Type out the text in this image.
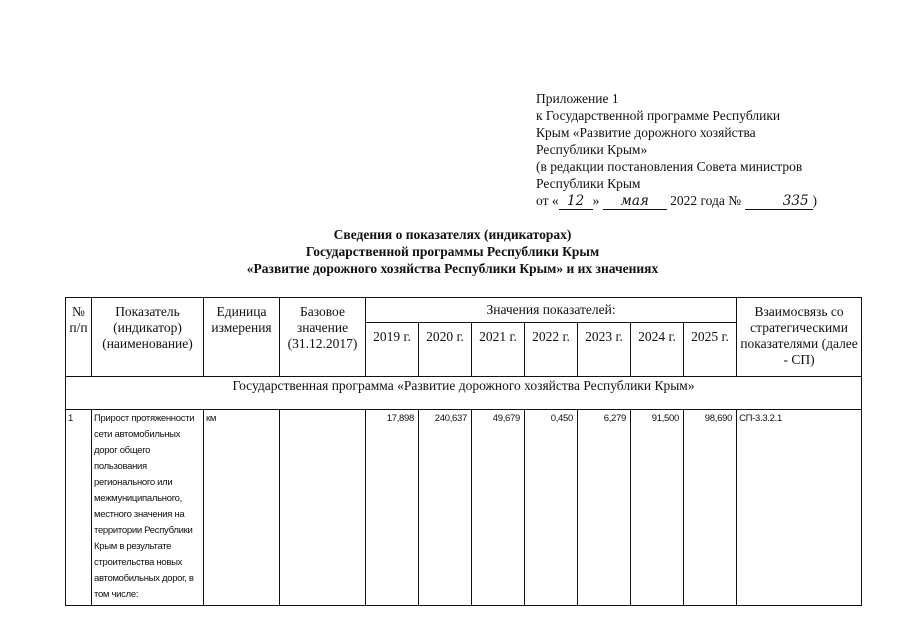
Приложение 1
к Государственной программе Республики
Крым «Развитие дорожного хозяйства
Республики Крым»
(в редакции постановления Совета министров
Республики Крым
от « 12 » мая 2022 года №	335 )
Сведения о показателях (индикаторах)
Государственной программы Республики Крым
«Развитие дорожного хозяйства Республики Крым» и их значениях
№ п/п	Показатель (индикатор) (наименование)	Единица измерения	Базовое значение (31.12.2017)	Значения показателей:							Взаимосвязь со стратегическими показателями (далее - СП)
				2019 г.	2020 г.	2021 г.	2022 г.	2023 г.	2024 г.	2025 г.	
Государственная программа «Развитие дорожного хозяйства Республики Крым»											
1	Прирост протяженности сети автомобильных дорог общего пользования регионального или межмуниципального, местного значения на территории Республики Крым в результате строительства новых автомобильных дорог, в том числе:	км		17,898	240,637	49,679	0,450	6,279	91,500	98,690	СП-3.3.2.1
